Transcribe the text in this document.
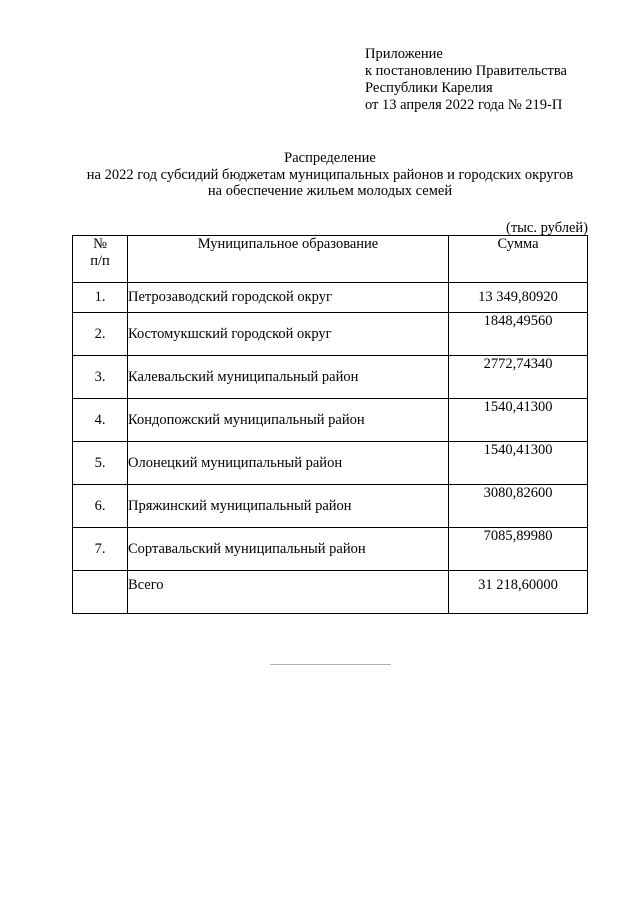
Приложение
к постановлению Правительства
Республики Карелия
от 13 апреля 2022 года № 219-П
Распределение
на 2022 год субсидий бюджетам муниципальных районов и городских округов
на обеспечение жильем молодых семей
(тыс. рублей)
№
п/п	Муниципальное образование	Сумма
1.	Петрозаводский городской округ	13 349,80920
2.	Костомукшский городской округ	1848,49560
3.	Калевальский муниципальный район	2772,74340
4.	Кондопожский муниципальный район	1540,41300
5.	Олонецкий муниципальный район	1540,41300
6.	Пряжинский муниципальный район	3080,82600
7.	Сортавальский муниципальный район	7085,89980
	Всего	31 218,60000
